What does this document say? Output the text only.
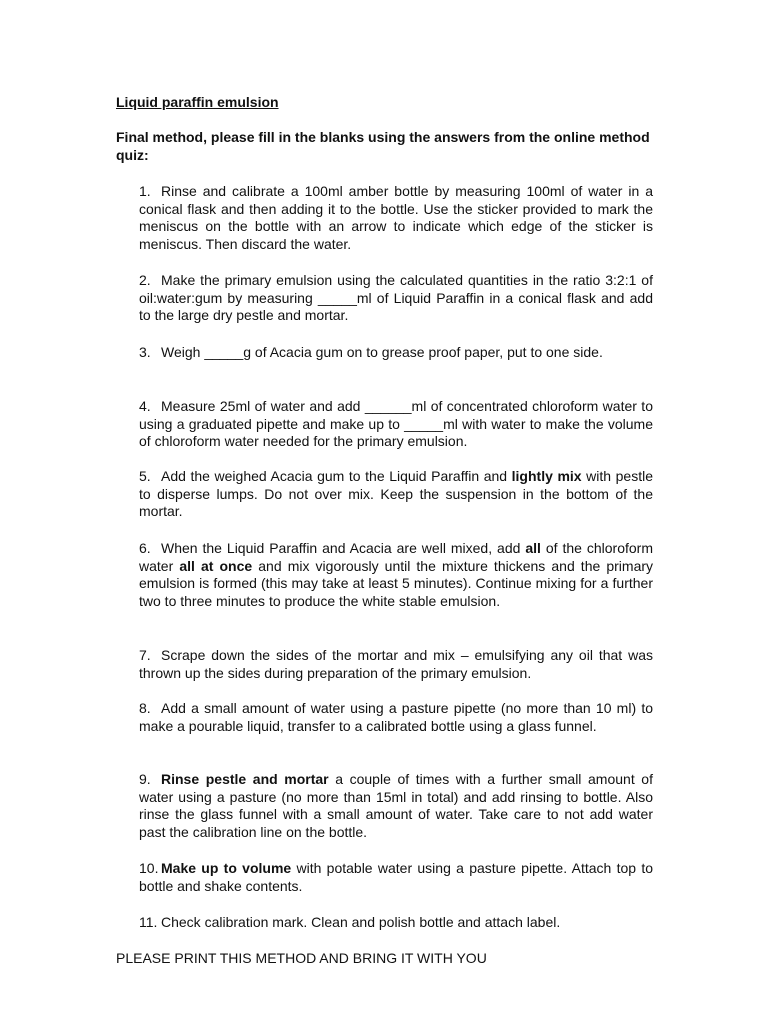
Liquid paraffin emulsion
Final method, please fill in the blanks using the answers from the online method quiz:
1. Rinse and calibrate a 100ml amber bottle by measuring 100ml of water in a conical flask and then adding it to the bottle. Use the sticker provided to mark the meniscus on the bottle with an arrow to indicate which edge of the sticker is meniscus. Then discard the water.
2. Make the primary emulsion using the calculated quantities in the ratio 3:2:1 of oil:water:gum by measuring _____ml of Liquid Paraffin in a conical flask and add to the large dry pestle and mortar.
3. Weigh _____g of Acacia gum on to grease proof paper, put to one side.
4. Measure 25ml of water and add ______ml of concentrated chloroform water to using a graduated pipette and make up to _____ml with water to make the volume of chloroform water needed for the primary emulsion.
5. Add the weighed Acacia gum to the Liquid Paraffin and lightly mix with pestle to disperse lumps. Do not over mix. Keep the suspension in the bottom of the mortar.
6. When the Liquid Paraffin and Acacia are well mixed, add all of the chloroform water all at once and mix vigorously until the mixture thickens and the primary emulsion is formed (this may take at least 5 minutes). Continue mixing for a further two to three minutes to produce the white stable emulsion.
7. Scrape down the sides of the mortar and mix – emulsifying any oil that was thrown up the sides during preparation of the primary emulsion.
8. Add a small amount of water using a pasture pipette (no more than 10 ml) to make a pourable liquid, transfer to a calibrated bottle using a glass funnel.
9. Rinse pestle and mortar a couple of times with a further small amount of water using a pasture (no more than 15ml in total) and add rinsing to bottle. Also rinse the glass funnel with a small amount of water. Take care to not add water past the calibration line on the bottle.
10. Make up to volume with potable water using a pasture pipette. Attach top to bottle and shake contents.
11. Check calibration mark. Clean and polish bottle and attach label.
PLEASE PRINT THIS METHOD AND BRING IT WITH YOU
